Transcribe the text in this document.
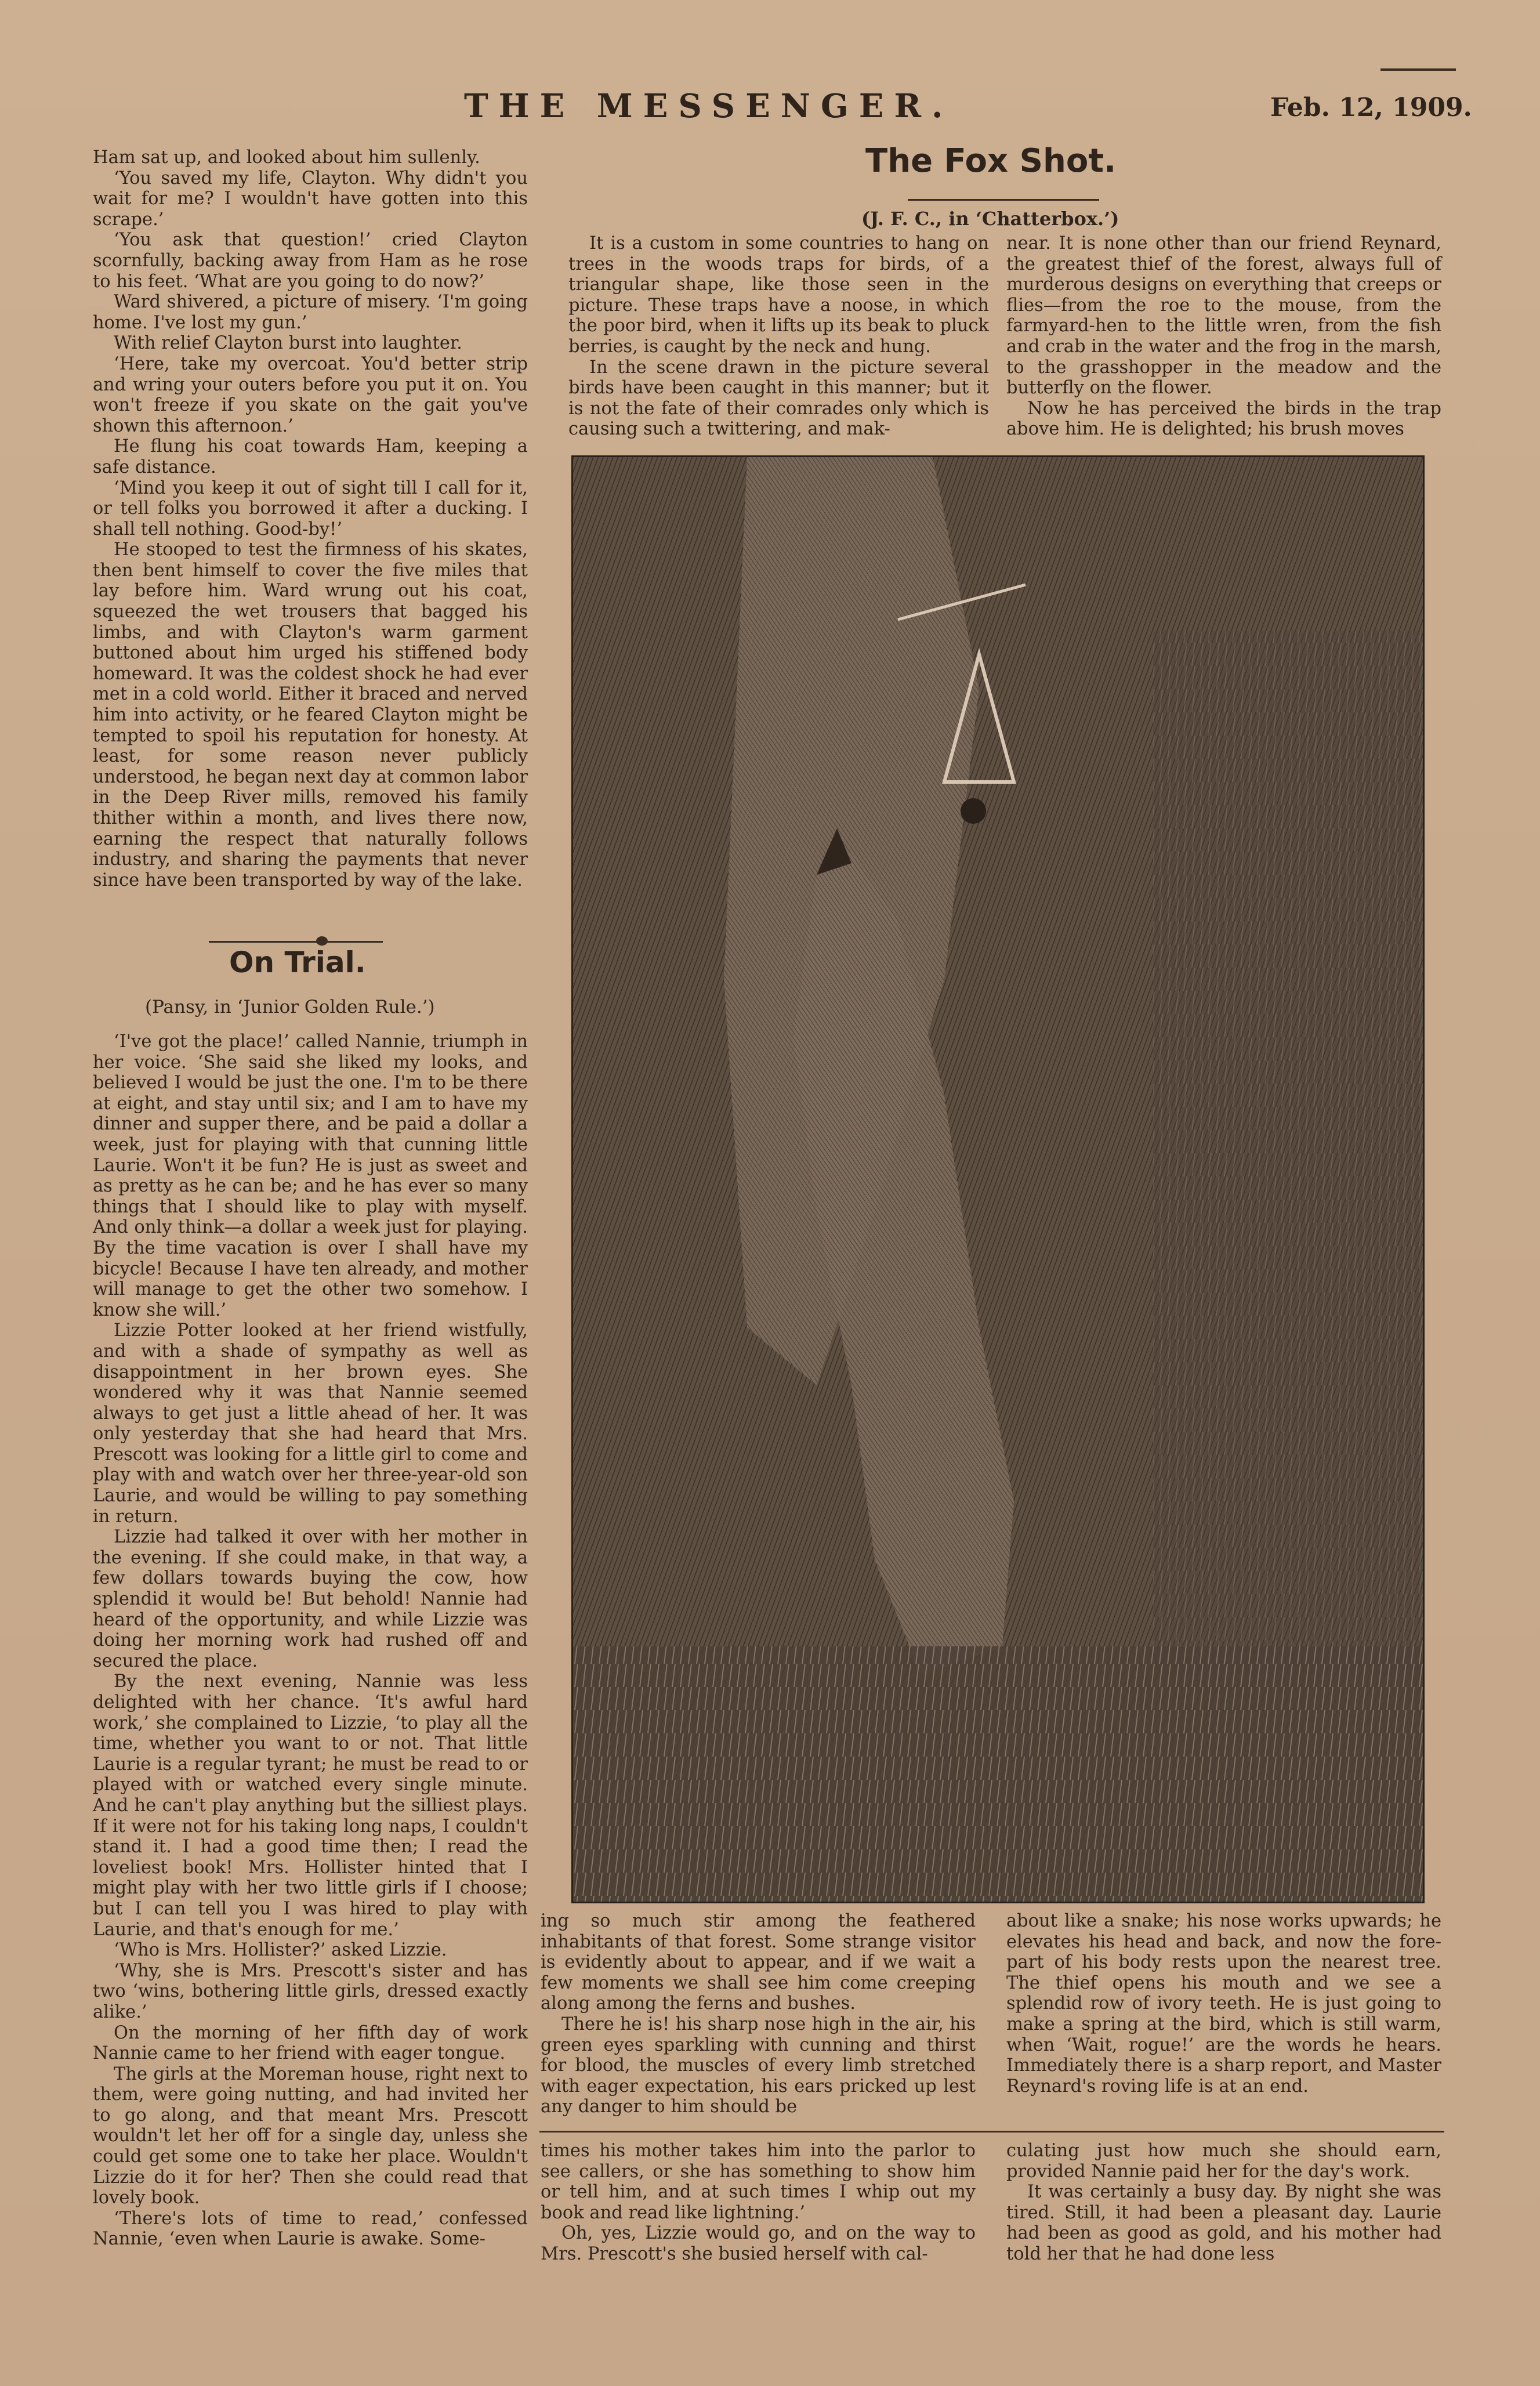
THE MESSENGER.	Feb. 12, 1909.

Ham sat up, and looked about him sullenly.

‘You saved my life, Clayton. Why didn't you wait for me? I wouldn't have gotten into this scrape.’

‘You ask that question!’ cried Clayton scornfully, backing away from Ham as he rose to his feet. ‘What are you going to do now?’

Ward shivered, a picture of misery. ‘I'm going home. I've lost my gun.’

With relief Clayton burst into laughter.

‘Here, take my overcoat. You'd better strip and wring your outers before you put it on. You won't freeze if you skate on the gait you've shown this afternoon.’

He flung his coat towards Ham, keeping a safe distance.

‘Mind you keep it out of sight till I call for it, or tell folks you borrowed it after a ducking. I shall tell nothing. Good-by!’

He stooped to test the firmness of his skates, then bent himself to cover the five miles that lay before him. Ward wrung out his coat, squeezed the wet trousers that bagged his limbs, and with Clayton's warm garment buttoned about him urged his stiffened body homeward. It was the coldest shock he had ever met in a cold world. Either it braced and nerved him into activity, or he feared Clayton might be tempted to spoil his reputation for honesty. At least, for some reason never publicly understood, he began next day at common labor in the Deep River mills, removed his family thither within a month, and lives there now, earning the respect that naturally follows industry, and sharing the payments that never since have been transported by way of the lake.

On Trial.
(Pansy, in ‘Junior Golden Rule.’)

‘I've got the place!’ called Nannie, triumph in her voice. ‘She said she liked my looks, and believed I would be just the one. I'm to be there at eight, and stay until six; and I am to have my dinner and supper there, and be paid a dollar a week, just for playing with that cunning little Laurie. Won't it be fun? He is just as sweet and as pretty as he can be; and he has ever so many things that I should like to play with myself. And only think—a dollar a week just for playing. By the time vacation is over I shall have my bicycle! Because I have ten already, and mother will manage to get the other two somehow. I know she will.’

Lizzie Potter looked at her friend wistfully, and with a shade of sympathy as well as disappointment in her brown eyes. She wondered why it was that Nannie seemed always to get just a little ahead of her. It was only yesterday that she had heard that Mrs. Prescott was looking for a little girl to come and play with and watch over her three-year-old son Laurie, and would be willing to pay something in return.

Lizzie had talked it over with her mother in the evening. If she could make, in that way, a few dollars towards buying the cow, how splendid it would be! But behold! Nannie had heard of the opportunity, and while Lizzie was doing her morning work had rushed off and secured the place.

By the next evening, Nannie was less delighted with her chance. ‘It's awful hard work,’ she complained to Lizzie, ‘to play all the time, whether you want to or not. That little Laurie is a regular tyrant; he must be read to or played with or watched every single minute. And he can't play anything but the silliest plays. If it were not for his taking long naps, I couldn't stand it. I had a good time then; I read the loveliest book! Mrs. Hollister hinted that I might play with her two little girls if I choose; but I can tell you I was hired to play with Laurie, and that's enough for me.’

‘Who is Mrs. Hollister?’ asked Lizzie.

‘Why, she is Mrs. Prescott's sister and has two ‘wins, bothering little girls, dressed exactly alike.’

On the morning of her fifth day of work Nannie came to her friend with eager tongue.

The girls at the Moreman house, right next to them, were going nutting, and had invited her to go along, and that meant Mrs. Prescott wouldn't let her off for a single day, unless she could get some one to take her place. Wouldn't Lizzie do it for her? Then she could read that lovely book.

‘There's lots of time to read,’ confessed Nannie, ‘even when Laurie is awake. Some-

The Fox Shot.
(J. F. C., in ‘Chatterbox.’)

It is a custom in some countries to hang on trees in the woods traps for birds, of a triangular shape, like those seen in the picture. These traps have a noose, in which the poor bird, when it lifts up its beak to pluck berries, is caught by the neck and hung.

In the scene drawn in the picture several birds have been caught in this manner; but it is not the fate of their comrades only which is causing such a twittering, and mak-

near. It is none other than our friend Reynard, the greatest thief of the forest, always full of murderous designs on everything that creeps or flies—from the roe to the mouse, from the farmyard-hen to the little wren, from the fish and crab in the water and the frog in the marsh, to the grasshopper in the meadow and the butterfly on the flower.

Now he has perceived the birds in the trap above him. He is delighted; his brush moves

ing so much stir among the feathered inhabitants of that forest. Some strange visitor is evidently about to appear, and if we wait a few moments we shall see him come creeping along among the ferns and bushes.

There he is! his sharp nose high in the air, his green eyes sparkling with cunning and thirst for blood, the muscles of every limb stretched with eager expectation, his ears pricked up lest any danger to him should be

about like a snake; his nose works upwards; he elevates his head and back, and now the fore-part of his body rests upon the nearest tree. The thief opens his mouth and we see a splendid row of ivory teeth. He is just going to make a spring at the bird, which is still warm, when ‘Wait, rogue!’ are the words he hears. Immediately there is a sharp report, and Master Reynard's roving life is at an end.

times his mother takes him into the parlor to see callers, or she has something to show him or tell him, and at such times I whip out my book and read like lightning.’

Oh, yes, Lizzie would go, and on the way to Mrs. Prescott's she busied herself with cal-

culating just how much she should earn, provided Nannie paid her for the day's work.

It was certainly a busy day. By night she was tired. Still, it had been a pleasant day. Laurie had been as good as gold, and his mother had told her that he had done less
